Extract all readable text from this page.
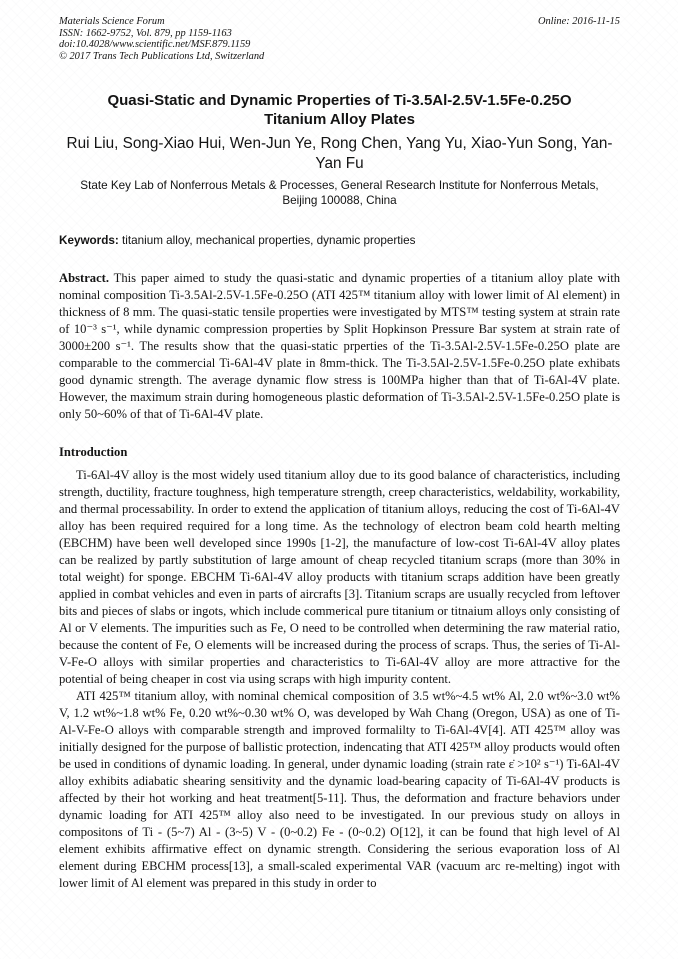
Materials Science Forum
ISSN: 1662-9752, Vol. 879, pp 1159-1163
doi:10.4028/www.scientific.net/MSF.879.1159
© 2017 Trans Tech Publications Ltd, Switzerland
Online: 2016-11-15
Quasi-Static and Dynamic Properties of Ti-3.5Al-2.5V-1.5Fe-0.25O Titanium Alloy Plates
Rui Liu, Song-Xiao Hui, Wen-Jun Ye, Rong Chen, Yang Yu, Xiao-Yun Song, Yan-Yan Fu
State Key Lab of Nonferrous Metals & Processes, General Research Institute for Nonferrous Metals, Beijing 100088, China

Keywords: titanium alloy, mechanical properties, dynamic properties

Abstract. This paper aimed to study the quasi-static and dynamic properties of a titanium alloy plate with nominal composition Ti-3.5Al-2.5V-1.5Fe-0.25O (ATI 425™ titanium alloy with lower limit of Al element) in thickness of 8 mm. The quasi-static tensile properties were investigated by MTS™ testing system at strain rate of 10⁻³ s⁻¹, while dynamic compression properties by Split Hopkinson Pressure Bar system at strain rate of 3000±200 s⁻¹. The results show that the quasi-static prperties of the Ti-3.5Al-2.5V-1.5Fe-0.25O plate are comparable to the commercial Ti-6Al-4V plate in 8mm-thick. The Ti-3.5Al-2.5V-1.5Fe-0.25O plate exhibats good dynamic strength. The average dynamic flow stress is 100MPa higher than that of Ti-6Al-4V plate. However, the maximum strain during homogeneous plastic deformation of Ti-3.5Al-2.5V-1.5Fe-0.25O plate is only 50~60% of that of Ti-6Al-4V plate.

Introduction

Ti-6Al-4V alloy is the most widely used titanium alloy due to its good balance of characteristics, including strength, ductility, fracture toughness, high temperature strength, creep characteristics, weldability, workability, and thermal processability. In order to extend the application of titanium alloys, reducing the cost of Ti-6Al-4V alloy has been required required for a long time. As the technology of electron beam cold hearth melting (EBCHM) have been well developed since 1990s [1-2], the manufacture of low-cost Ti-6Al-4V alloy plates can be realized by partly substitution of large amount of cheap recycled titanium scraps (more than 30% in total weight) for sponge. EBCHM Ti-6Al-4V alloy products with titanium scraps addition have been greatly applied in combat vehicles and even in parts of aircrafts [3]. Titanium scraps are usually recycled from leftover bits and pieces of slabs or ingots, which include commerical pure titanium or titnaium alloys only consisting of Al or V elements. The impurities such as Fe, O need to be controlled when determining the raw material ratio, because the content of Fe, O elements will be increased during the process of scraps. Thus, the series of Ti-Al-V-Fe-O alloys with similar properties and characteristics to Ti-6Al-4V alloy are more attractive for the potential of being cheaper in cost via using scraps with high impurity content.

ATI 425™ titanium alloy, with nominal chemical composition of 3.5 wt%~4.5 wt% Al, 2.0 wt%~3.0 wt% V, 1.2 wt%~1.8 wt% Fe, 0.20 wt%~0.30 wt% O, was developed by Wah Chang (Oregon, USA) as one of Ti-Al-V-Fe-O alloys with comparable strength and improved formalilty to Ti-6Al-4V[4]. ATI 425™ alloy was initially designed for the purpose of ballistic protection, indencating that ATI 425™ alloy products would often be used in conditions of dynamic loading. In general, under dynamic loading (strain rate ε̇ >10² s⁻¹) Ti-6Al-4V alloy exhibits adiabatic shearing sensitivity and the dynamic load-bearing capacity of Ti-6Al-4V products is affected by their hot working and heat treatment[5-11]. Thus, the deformation and fracture behaviors under dynamic loading for ATI 425™ alloy also need to be investigated. In our previous study on alloys in compositons of Ti - (5~7) Al - (3~5) V - (0~0.2) Fe - (0~0.2) O[12], it can be found that high level of Al element exhibits affirmative effect on dynamic strength. Considering the serious evaporation loss of Al element during EBCHM process[13], a small-scaled experimental VAR (vacuum arc re-melting) ingot with lower limit of Al element was prepared in this study in order to
